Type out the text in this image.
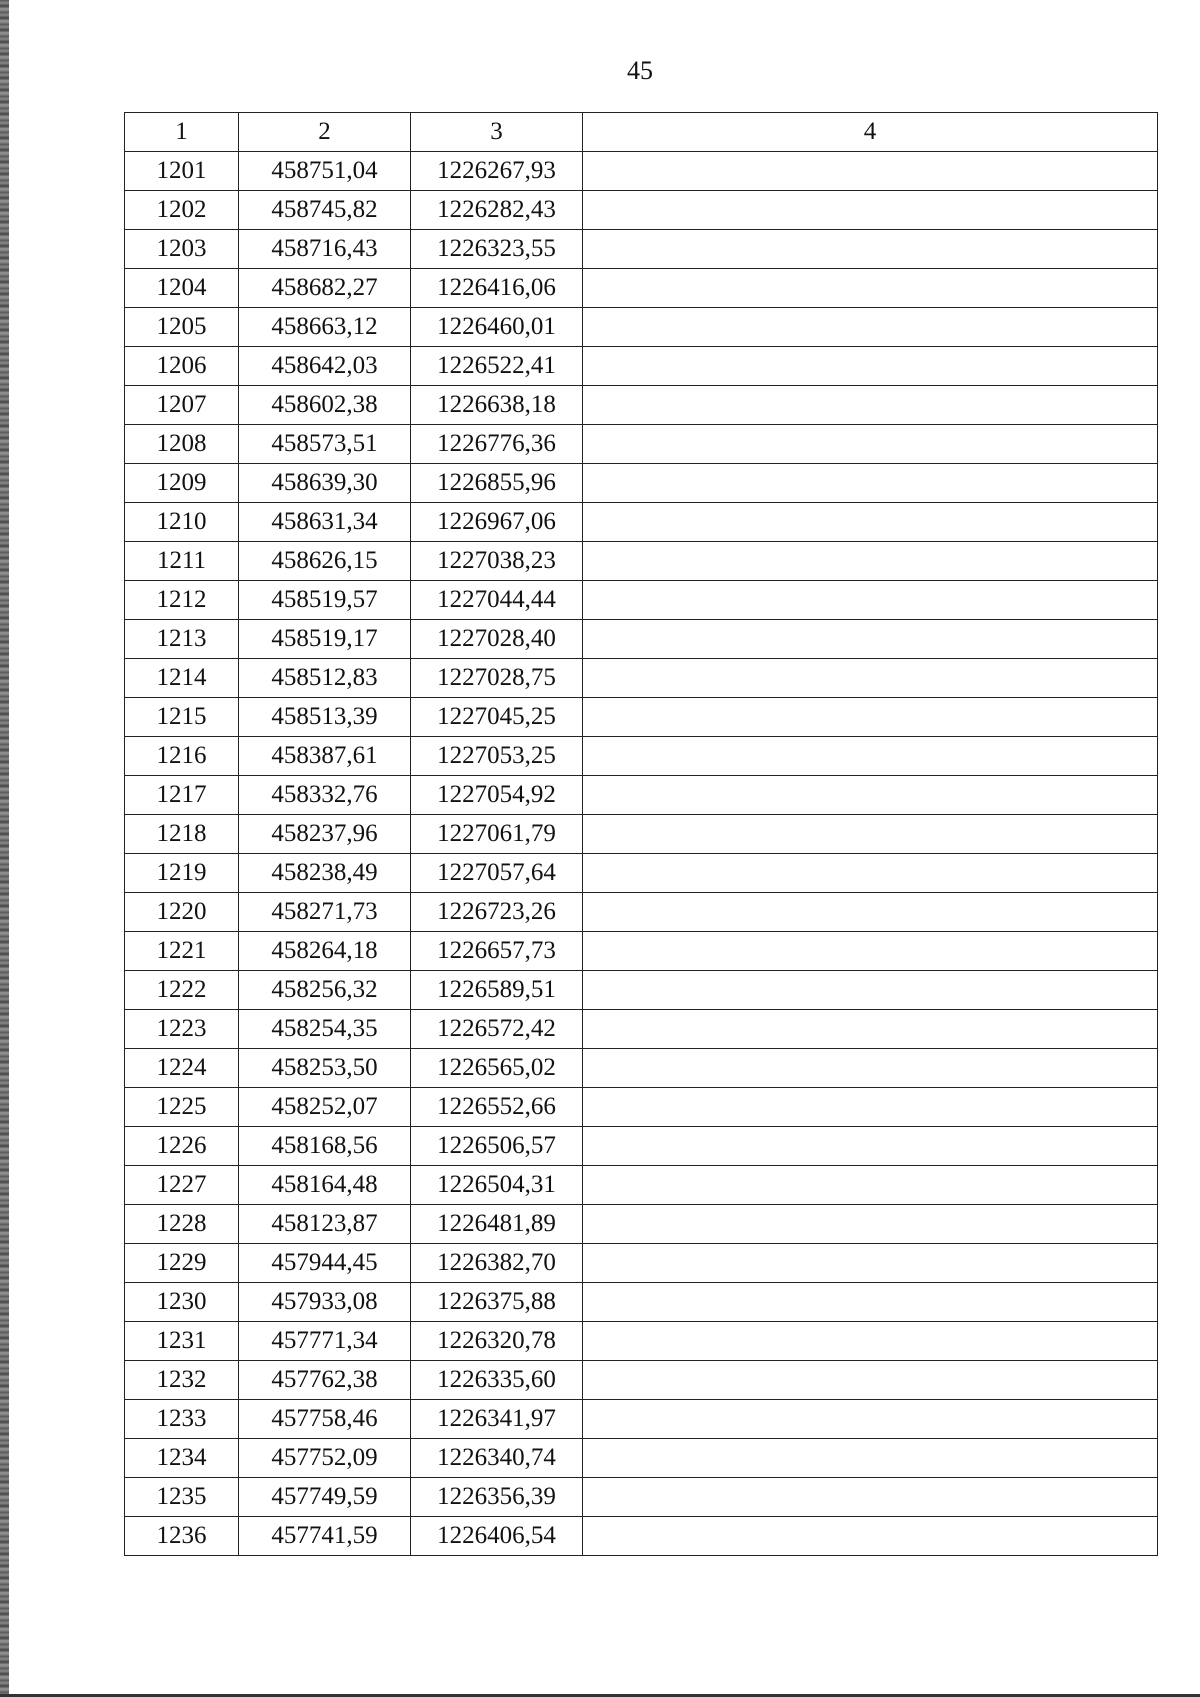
45
1	2	3	4
1201	458751,04	1226267,93	
1202	458745,82	1226282,43	
1203	458716,43	1226323,55	
1204	458682,27	1226416,06	
1205	458663,12	1226460,01	
1206	458642,03	1226522,41	
1207	458602,38	1226638,18	
1208	458573,51	1226776,36	
1209	458639,30	1226855,96	
1210	458631,34	1226967,06	
1211	458626,15	1227038,23	
1212	458519,57	1227044,44	
1213	458519,17	1227028,40	
1214	458512,83	1227028,75	
1215	458513,39	1227045,25	
1216	458387,61	1227053,25	
1217	458332,76	1227054,92	
1218	458237,96	1227061,79	
1219	458238,49	1227057,64	
1220	458271,73	1226723,26	
1221	458264,18	1226657,73	
1222	458256,32	1226589,51	
1223	458254,35	1226572,42	
1224	458253,50	1226565,02	
1225	458252,07	1226552,66	
1226	458168,56	1226506,57	
1227	458164,48	1226504,31	
1228	458123,87	1226481,89	
1229	457944,45	1226382,70	
1230	457933,08	1226375,88	
1231	457771,34	1226320,78	
1232	457762,38	1226335,60	
1233	457758,46	1226341,97	
1234	457752,09	1226340,74	
1235	457749,59	1226356,39	
1236	457741,59	1226406,54	
